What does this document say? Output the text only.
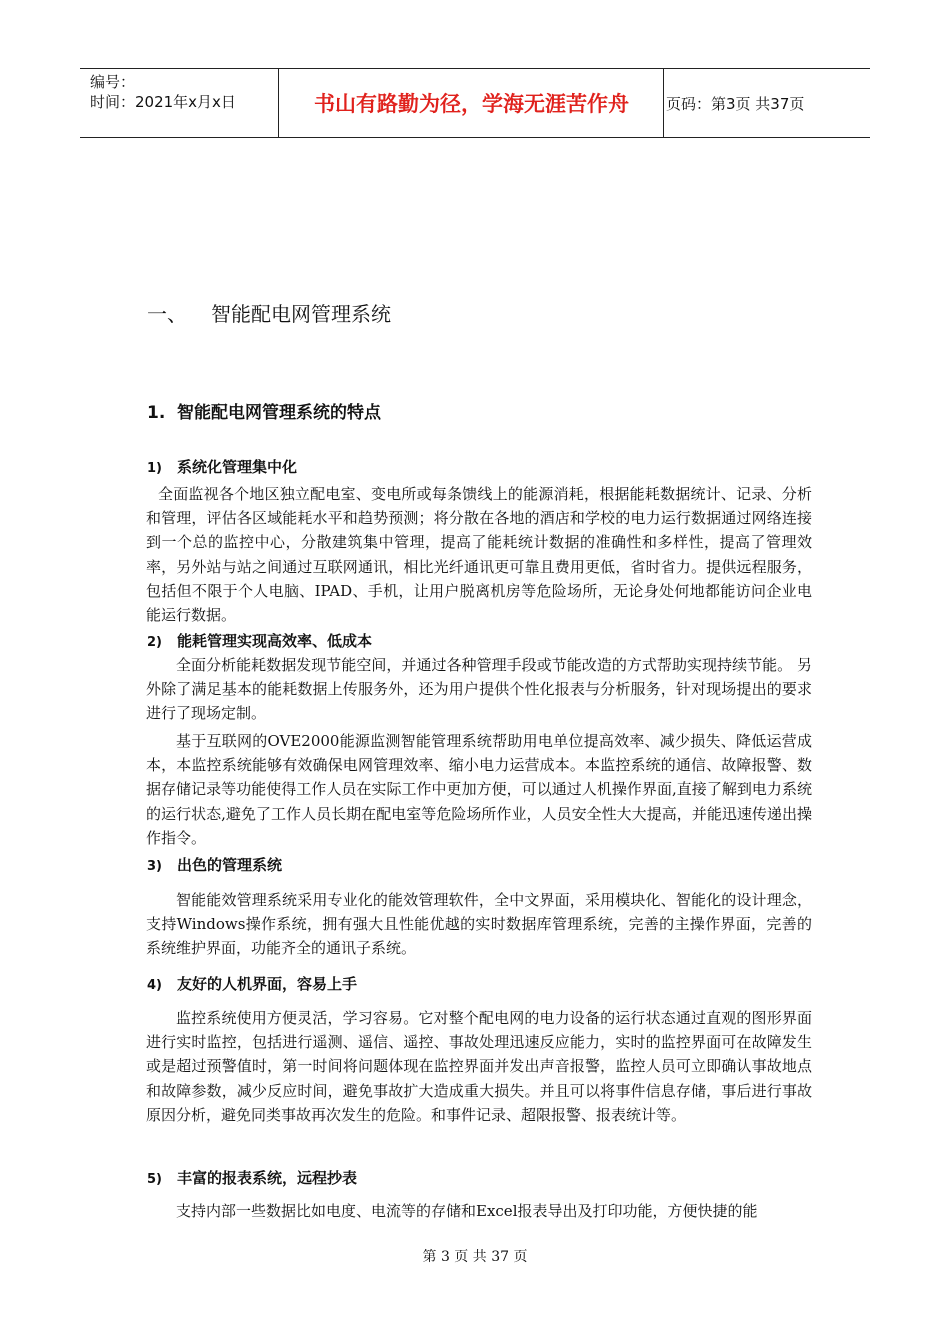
编号：
时间：2021年x月x日	书山有路勤为径，学海无涯苦作舟	页码：第3页 共37页
一、 智能配电网管理系统
1. 智能配电网管理系统的特点
1) 系统化管理集中化

全面监视各个地区独立配电室、变电所或每条馈线上的能源消耗，根据能耗数据统计、记录、分析和管理，评估各区域能耗水平和趋势预测；将分散在各地的酒店和学校的电力运行数据通过网络连接到一个总的监控中心，分散建筑集中管理，提高了能耗统计数据的准确性和多样性，提高了管理效率，另外站与站之间通过互联网通讯，相比光纤通讯更可靠且费用更低，省时省力。提供远程服务，包括但不限于个人电脑、IPAD、手机，让用户脱离机房等危险场所，无论身处何地都能访问企业电能运行数据。

2) 能耗管理实现高效率、低成本

全面分析能耗数据发现节能空间，并通过各种管理手段或节能改造的方式帮助实现持续节能。 另外除了满足基本的能耗数据上传服务外，还为用户提供个性化报表与分析服务，针对现场提出的要求进行了现场定制。

基于互联网的OVE2000能源监测智能管理系统帮助用电单位提高效率、减少损失、降低运营成本，本监控系统能够有效确保电网管理效率、缩小电力运营成本。本监控系统的通信、故障报警、数据存储记录等功能使得工作人员在实际工作中更加方便，可以通过人机操作界面,直接了解到电力系统的运行状态,避免了工作人员长期在配电室等危险场所作业，人员安全性大大提高，并能迅速传递出操作指令。

3) 出色的管理系统

智能能效管理系统采用专业化的能效管理软件，全中文界面，采用模块化、智能化的设计理念，支持Windows操作系统，拥有强大且性能优越的实时数据库管理系统，完善的主操作界面，完善的系统维护界面，功能齐全的通讯子系统。

4) 友好的人机界面，容易上手

监控系统使用方便灵活，学习容易。它对整个配电网的电力设备的运行状态通过直观的图形界面进行实时监控，包括进行遥测、遥信、遥控、事故处理迅速反应能力，实时的监控界面可在故障发生或是超过预警值时，第一时间将问题体现在监控界面并发出声音报警，监控人员可立即确认事故地点和故障参数，减少反应时间，避免事故扩大造成重大损失。并且可以将事件信息存储，事后进行事故原因分析，避免同类事故再次发生的危险。和事件记录、超限报警、报表统计等。

5) 丰富的报表系统，远程抄表

支持内部一些数据比如电度、电流等的存储和Excel报表导出及打印功能，方便快捷的能

第 3 页 共 37 页
